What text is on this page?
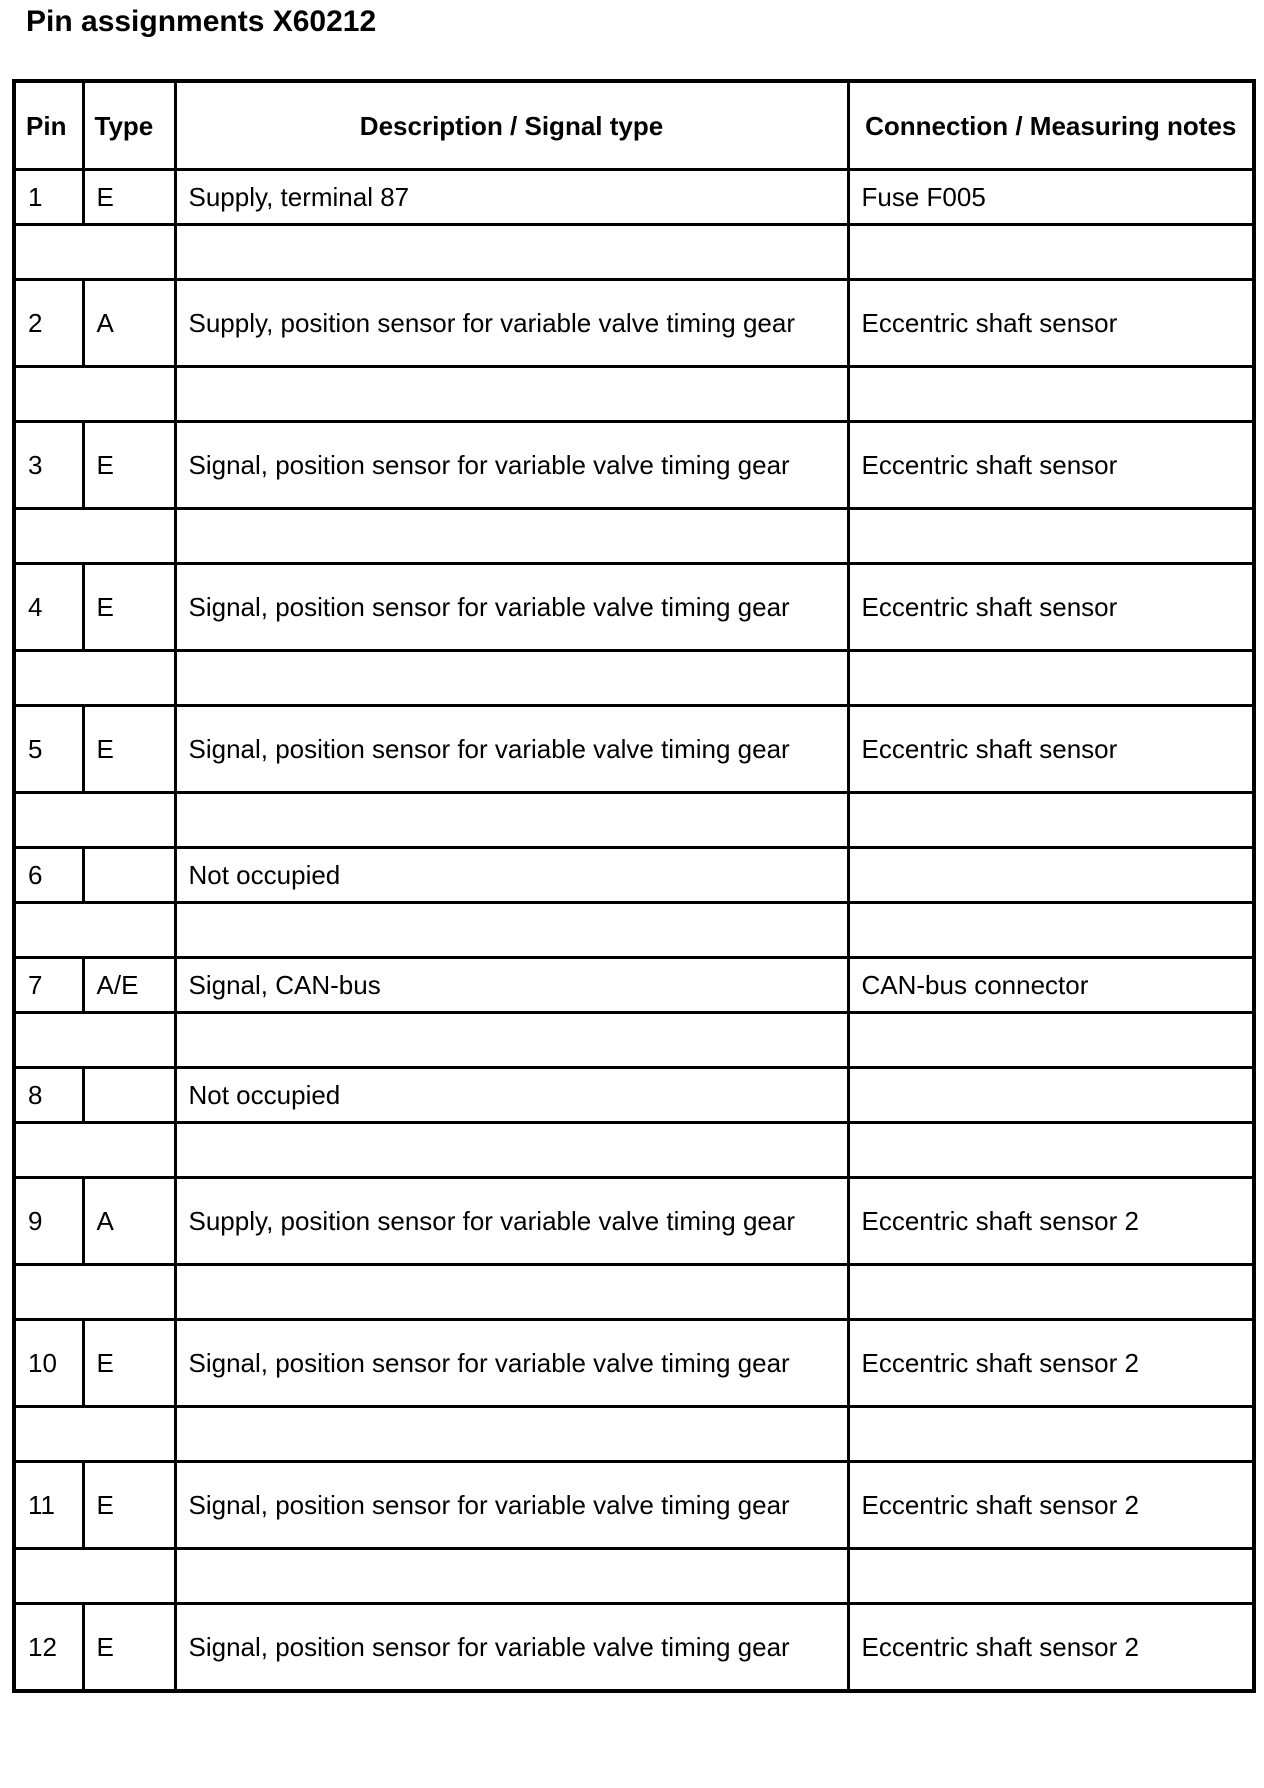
Pin assignments X60212
Pin	Type	Description / Signal type	Connection / Measuring notes
1	E	Supply, terminal 87	Fuse F005

2	A	Supply, position sensor for variable valve timing gear	Eccentric shaft sensor

3	E	Signal, position sensor for variable valve timing gear	Eccentric shaft sensor

4	E	Signal, position sensor for variable valve timing gear	Eccentric shaft sensor

5	E	Signal, position sensor for variable valve timing gear	Eccentric shaft sensor

6		Not occupied	

7	A/E	Signal, CAN-bus	CAN-bus connector

8		Not occupied	

9	A	Supply, position sensor for variable valve timing gear	Eccentric shaft sensor 2

10	E	Signal, position sensor for variable valve timing gear	Eccentric shaft sensor 2

11	E	Signal, position sensor for variable valve timing gear	Eccentric shaft sensor 2

12	E	Signal, position sensor for variable valve timing gear	Eccentric shaft sensor 2
